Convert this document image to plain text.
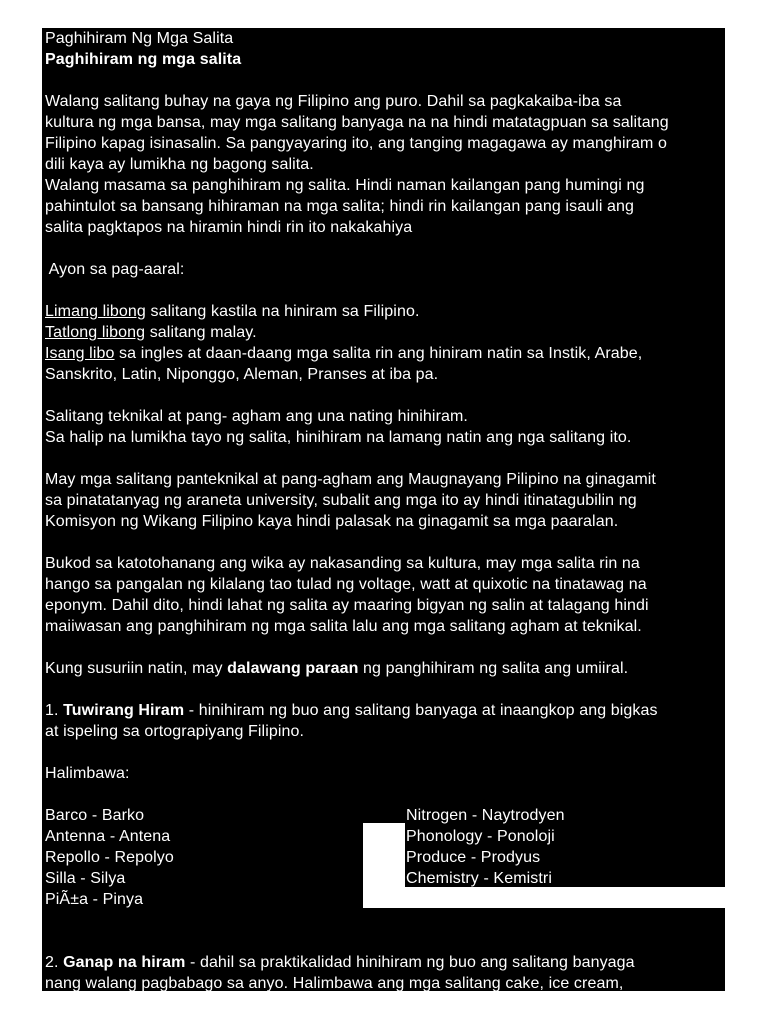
Paghihiram Ng Mga Salita
Paghihiram ng mga salita
Walang salitang buhay na gaya ng Filipino ang puro. Dahil sa pagkakaiba-iba sa
kultura ng mga bansa, may mga salitang banyaga na na hindi matatagpuan sa salitang
Filipino kapag isinasalin. Sa pangyayaring ito, ang tanging magagawa ay manghiram o
dili kaya ay lumikha ng bagong salita.
Walang masama sa panghihiram ng salita. Hindi naman kailangan pang humingi ng
pahintulot sa bansang hihiraman na mga salita; hindi rin kailangan pang isauli ang
salita pagktapos na hiramin hindi rin ito nakakahiya
Ayon sa pag-aaral:
Limang libong salitang kastila na hiniram sa Filipino.
Tatlong libong salitang malay.
Isang libo sa ingles at daan-daang mga salita rin ang hiniram natin sa Instik, Arabe,
Sanskrito, Latin, Niponggo, Aleman, Pranses at iba pa.
Salitang teknikal at pang- agham ang una nating hinihiram.
Sa halip na lumikha tayo ng salita, hinihiram na lamang natin ang nga salitang ito.
May mga salitang panteknikal at pang-agham ang Maugnayang Pilipino na ginagamit
sa pinatatanyag ng araneta university, subalit ang mga ito ay hindi itinatagubilin ng
Komisyon ng Wikang Filipino kaya hindi palasak na ginagamit sa mga paaralan.
Bukod sa katotohanang ang wika ay nakasanding sa kultura, may mga salita rin na
hango sa pangalan ng kilalang tao tulad ng voltage, watt at quixotic na tinatawag na
eponym. Dahil dito, hindi lahat ng salita ay maaring bigyan ng salin at talagang hindi
maiiwasan ang panghihiram ng mga salita lalu ang mga salitang agham at teknikal.
Kung susuriin natin, may dalawang paraan ng panghihiram ng salita ang umiiral.
1. Tuwirang Hiram - hinihiram ng buo ang salitang banyaga at inaangkop ang bigkas
at ispeling sa ortograpiyang Filipino.
Halimbawa:
Barco - Barko
Antenna - Antena
Repollo - Repolyo
Silla - Silya
PiÃ±a - Pinya
Nitrogen - Naytrodyen
Phonology - Ponoloji
Produce - Prodyus
Chemistry - Kemistri
2. Ganap na hiram - dahil sa praktikalidad hinihiram ng buo ang salitang banyaga
nang walang pagbabago sa anyo. Halimbawa ang mga salitang cake, ice cream,
